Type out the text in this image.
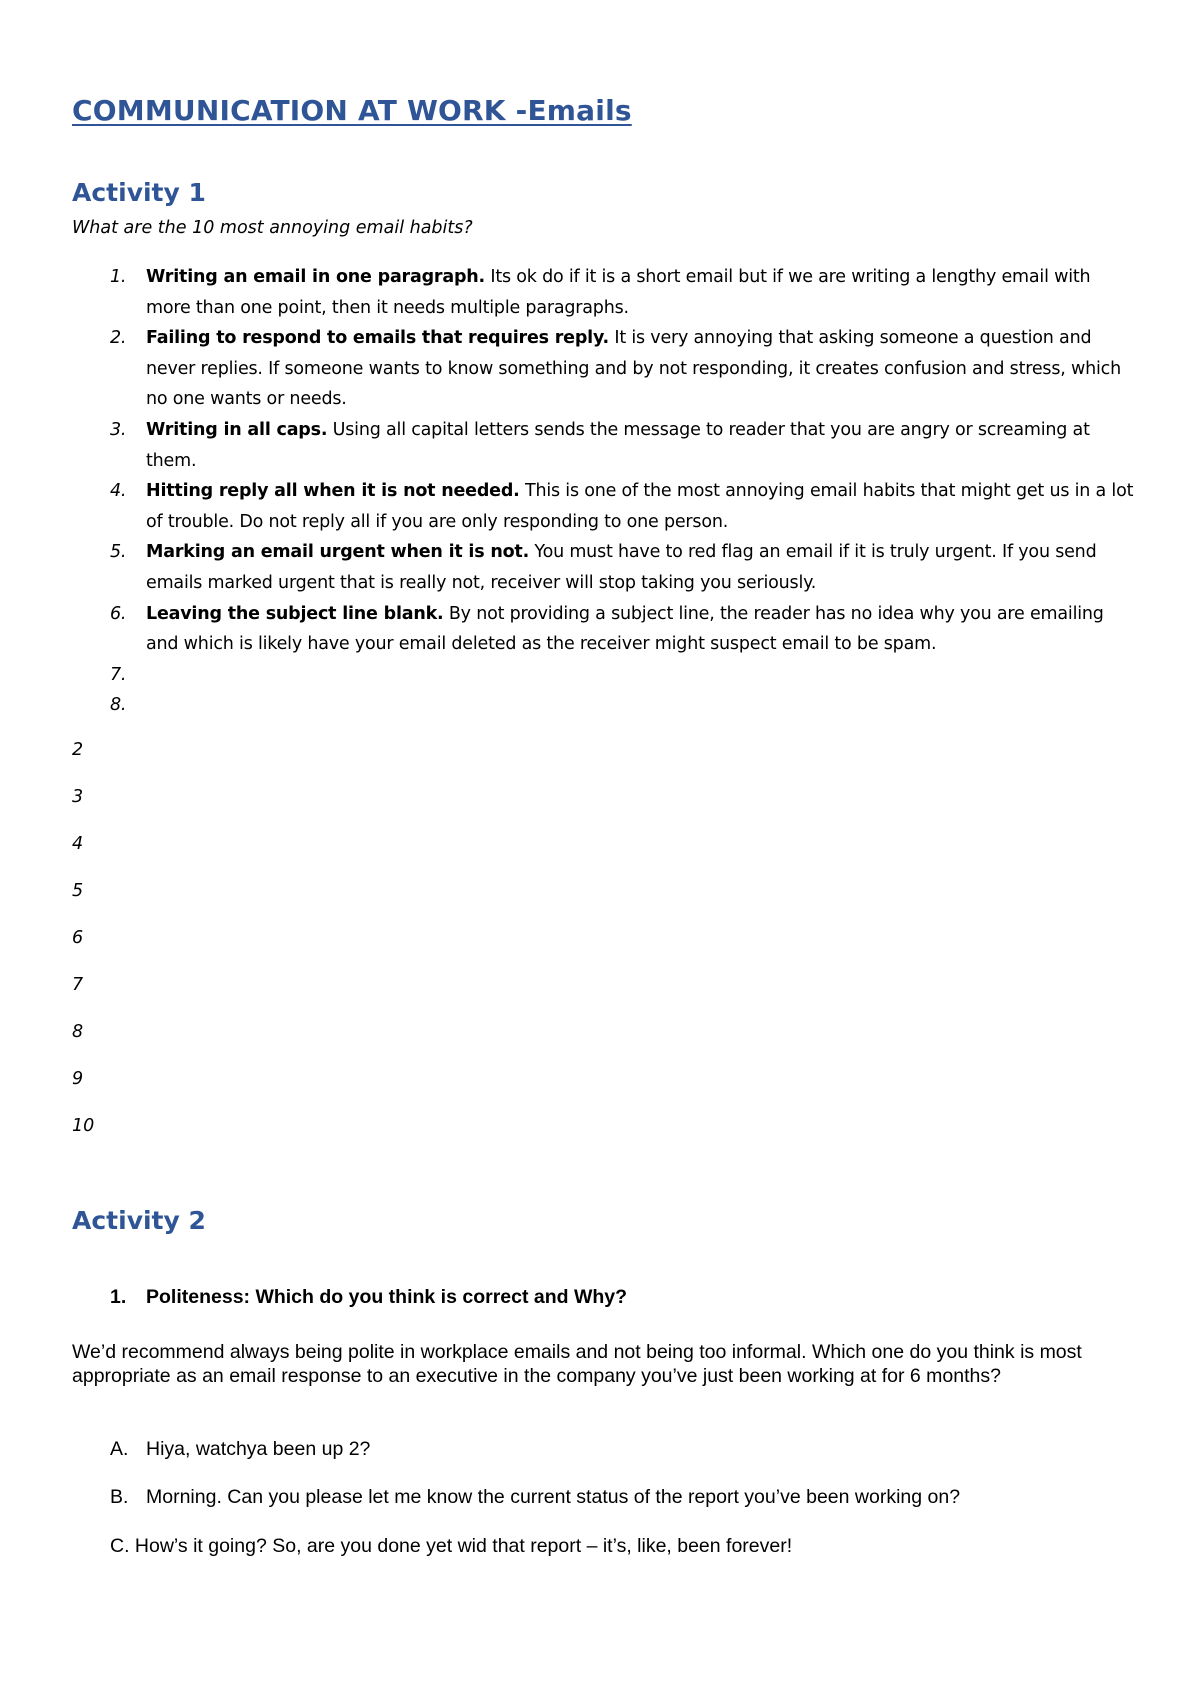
COMMUNICATION AT WORK -Emails
Activity 1
What are the 10 most annoying email habits?
1. Writing an email in one paragraph. Its ok do if it is a short email but if we are writing a lengthy email with more than one point, then it needs multiple paragraphs.
2. Failing to respond to emails that requires reply. It is very annoying that asking someone a question and never replies. If someone wants to know something and by not responding, it creates confusion and stress, which no one wants or needs.
3. Writing in all caps. Using all capital letters sends the message to reader that you are angry or screaming at them.
4. Hitting reply all when it is not needed. This is one of the most annoying email habits that might get us in a lot of trouble. Do not reply all if you are only responding to one person.
5. Marking an email urgent when it is not. You must have to red flag an email if it is truly urgent. If you send emails marked urgent that is really not, receiver will stop taking you seriously.
6. Leaving the subject line blank. By not providing a subject line, the reader has no idea why you are emailing and which is likely have your email deleted as the receiver might suspect email to be spam.
7.

8.

2
3
4
5
6
7
8
9
10
Activity 2
1. Politeness: Which do you think is correct and Why?
We’d recommend always being polite in workplace emails and not being too informal. Which one do you think is most appropriate as an email response to an executive in the company you’ve just been working at for 6 months?
A. Hiya, watchya been up 2?
B. Morning. Can you please let me know the current status of the report you’ve been working on?
C. How’s it going? So, are you done yet wid that report – it’s, like, been forever!
